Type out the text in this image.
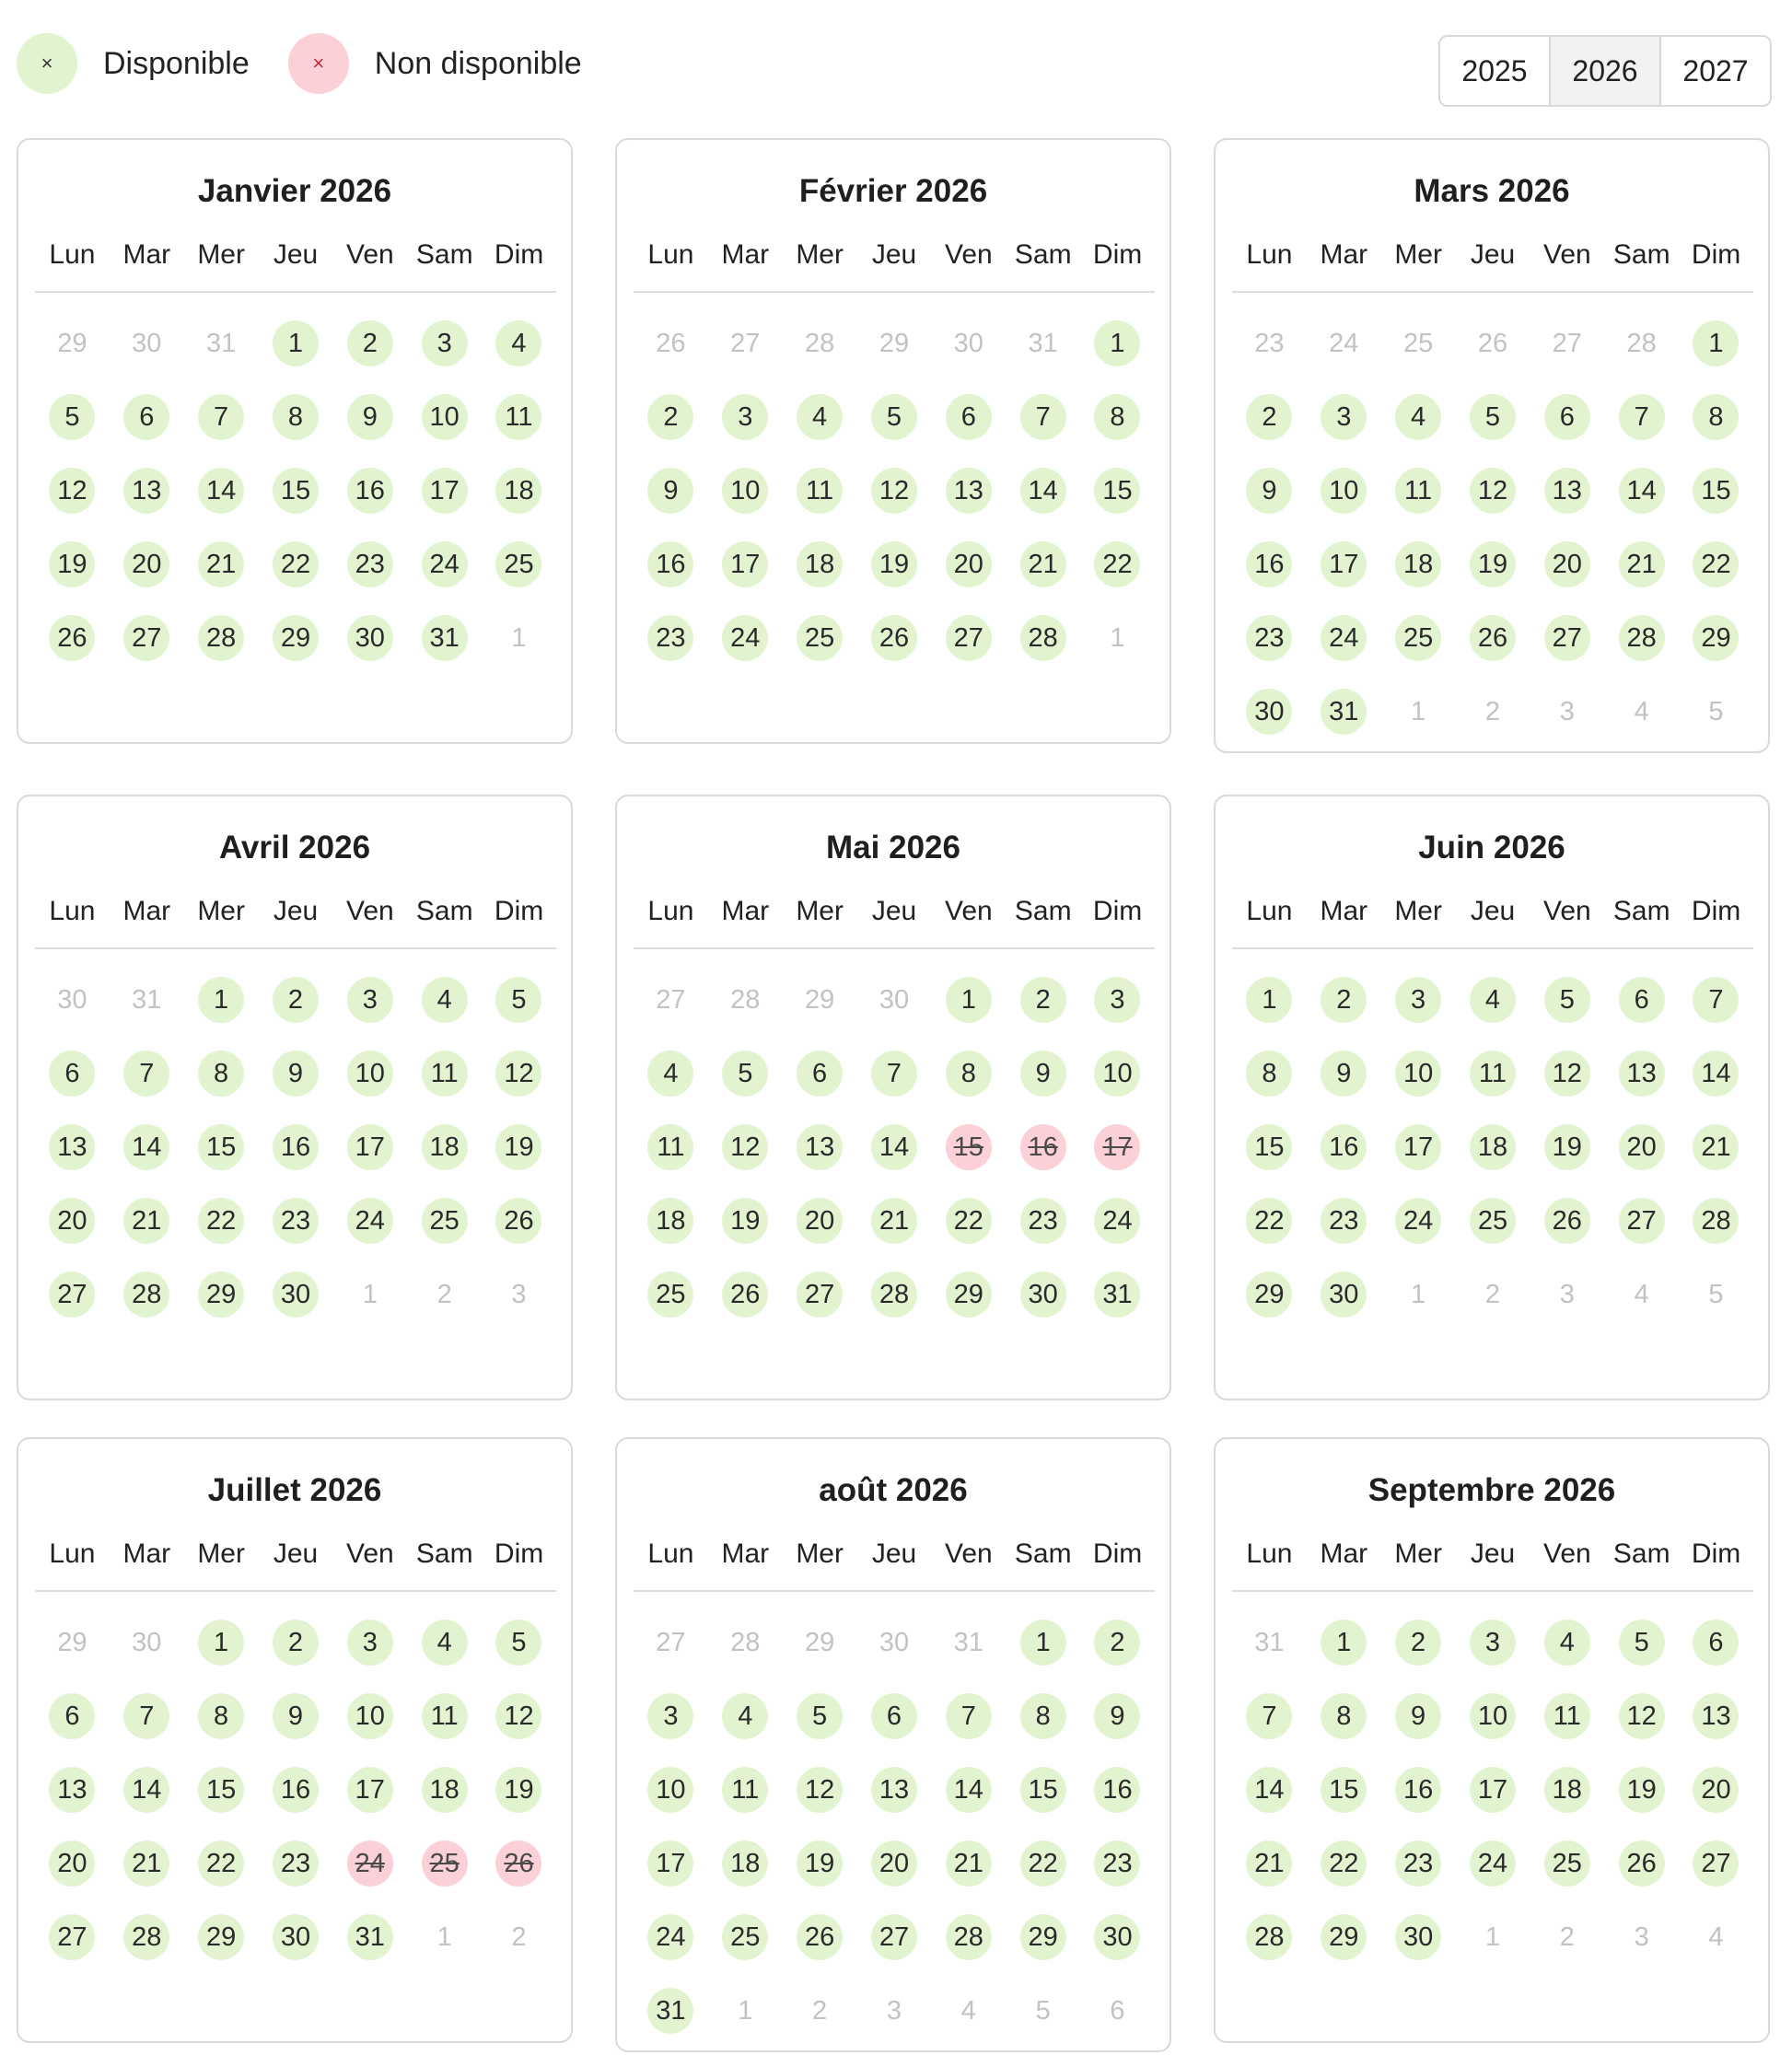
×	Disponible	×	Non disponible	2025	2026	2027
Janvier 2026
Lun	Mar Mer	Jeu	Ven Sam Dim
29	30	31	1	2	3	4
5	6	7	8	9	10	11
12	13	14	15	16	17	18
19	20	21	22	23	24	25
26	27	28	29	30	31	1
Février 2026
Lun	Mar Mer	Jeu	Ven Sam Dim
26	27	28	29	30	31	1
2	3	4	5	6	7	8
9	10	11	12	13	14	15
16	17	18	19	20	21	22
23	24	25	26	27	28	1
Mars 2026
Lun	Mar Mer	Jeu	Ven Sam Dim
23	24	25	26	27	28	1
2	3	4	5	6	7	8
9	10	11	12	13	14	15
16	17	18	19	20	21	22
23	24	25	26	27	28	29
30	31	1	2	3	4	5
Avril 2026
Lun	Mar Mer	Jeu	Ven Sam Dim
30	31	1	2	3	4	5
6	7	8	9	10	11	12
13	14	15	16	17	18	19
20	21	22	23	24	25	26
27	28	29	30	1	2	3
Mai 2026
Lun	Mar Mer	Jeu	Ven Sam Dim
27	28	29	30	1	2	3
4	5	6	7	8	9	10
11	12	13	14	15	16	17
18	19	20	21	22	23	24
25	26	27	28	29	30	31
Juin 2026
Lun	Mar Mer	Jeu	Ven Sam Dim
1	2	3	4	5	6	7
8	9	10	11	12	13	14
15	16	17	18	19	20	21
22	23	24	25	26	27	28
29	30	1	2	3	4	5
Juillet 2026
Lun	Mar Mer	Jeu	Ven Sam Dim
29	30	1	2	3	4	5
6	7	8	9	10	11	12
13	14	15	16	17	18	19
20	21	22	23	24	25	26
27	28	29	30	31	1	2
août 2026
Lun	Mar Mer	Jeu	Ven Sam Dim
27	28	29	30	31	1	2
3	4	5	6	7	8	9
10	11	12	13	14	15	16
17	18	19	20	21	22	23
24	25	26	27	28	29	30
31	1	2	3	4	5	6
Septembre 2026
Lun	Mar Mer	Jeu	Ven Sam Dim
31	1	2	3	4	5	6
7	8	9	10	11	12	13
14	15	16	17	18	19	20
21	22	23	24	25	26	27
28	29	30	1	2	3	4
